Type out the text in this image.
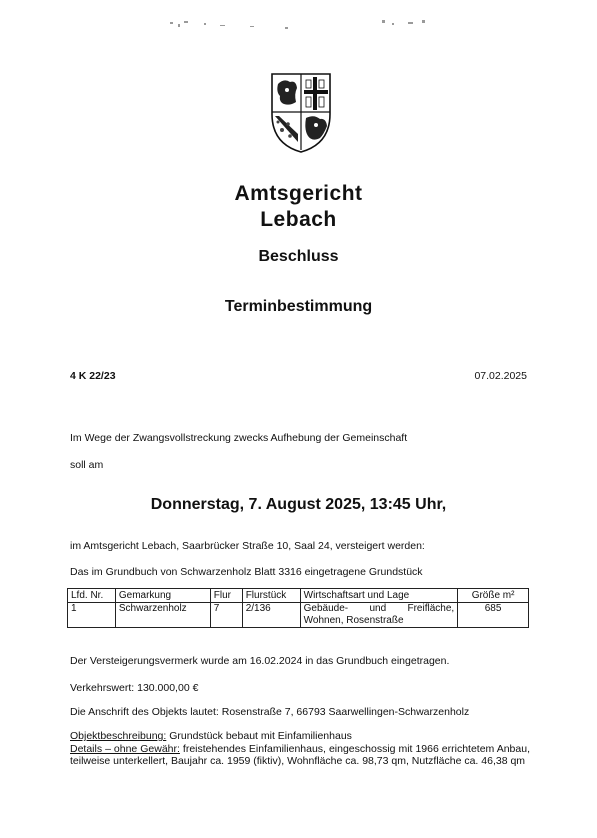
Amtsgericht
Lebach
Beschluss
Terminbestimmung
4 K 22/23	07.02.2025
Im Wege der Zwangsvollstreckung zwecks Aufhebung der Gemeinschaft
soll am
Donnerstag, 7. August 2025, 13:45 Uhr,
im Amtsgericht Lebach, Saarbrücker Straße 10, Saal 24, versteigert werden:
Das im Grundbuch von Schwarzenholz Blatt 3316 eingetragene Grundstück
Lfd. Nr.	Gemarkung	Flur	Flurstück	Wirtschaftsart und Lage	Größe m²
1	Schwarzenholz	7	2/136	Gebäude- und Freifläche, Wohnen, Rosenstraße	685
Der Versteigerungsvermerk wurde am 16.02.2024 in das Grundbuch eingetragen.
Verkehrswert: 130.000,00 €
Die Anschrift des Objekts lautet: Rosenstraße 7, 66793 Saarwellingen-Schwarzenholz
Objektbeschreibung: Grundstück bebaut mit Einfamilienhaus
Details – ohne Gewähr: freistehendes Einfamilienhaus, eingeschossig mit 1966 errichtetem Anbau, teilweise unterkellert, Baujahr ca. 1959 (fiktiv), Wohnfläche ca. 98,73 qm, Nutzfläche ca. 46,38 qm
